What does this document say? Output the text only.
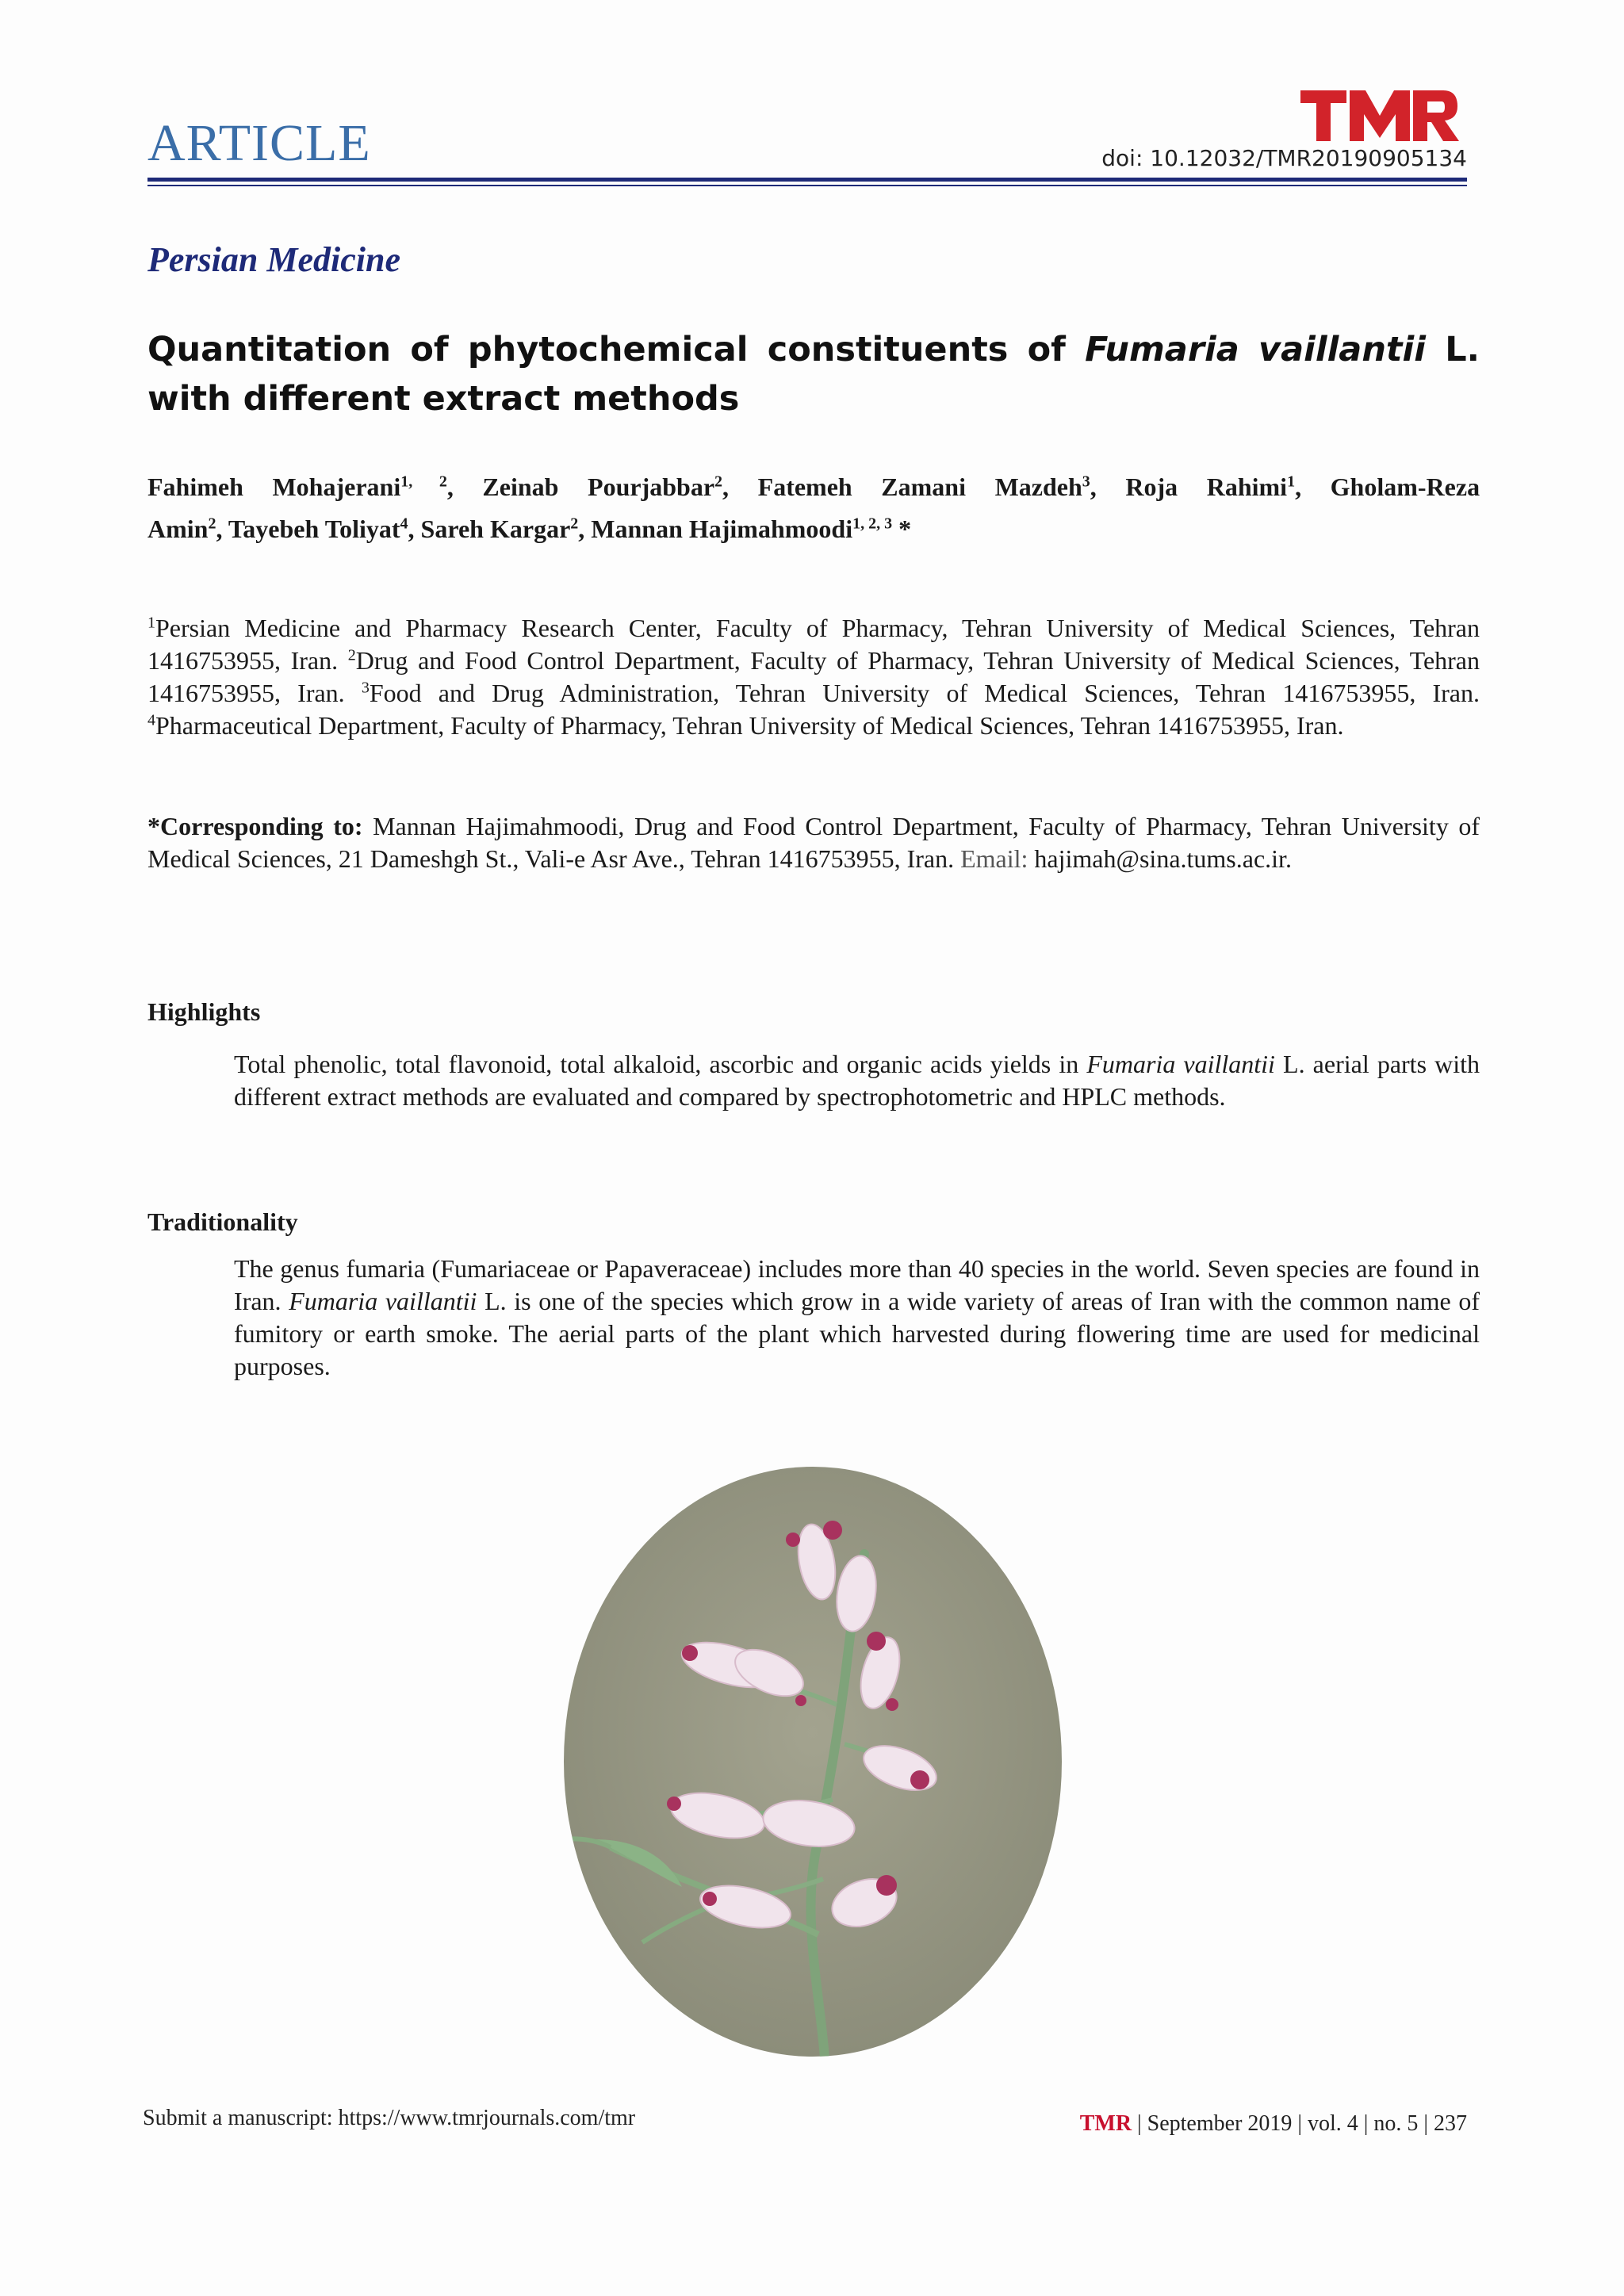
ARTICLE	doi: 10.12032/TMR20190905134
Persian Medicine
Quantitation of phytochemical constituents of Fumaria vaillantii L.
with different extract methods
Fahimeh Mohajerani$^{1, 2}$, Zeinab Pourjabbar$^2$, Fatemeh Zamani Mazdeh$^3$, Roja Rahimi$^1$, Gholam-Reza
Amin$^2$, Tayebeh Toliyat$^4$, Sareh Kargar$^2$, Mannan Hajimahmoodi$^{1, 2, 3}$ *
$^1$Persian Medicine and Pharmacy Research Center, Faculty of Pharmacy, Tehran University of Medical Sciences, Tehran 1416753955, Iran. $^2$Drug and Food Control Department, Faculty of Pharmacy, Tehran University of Medical Sciences, Tehran 1416753955, Iran. $^3$Food and Drug Administration, Tehran University of Medical Sciences, Tehran 1416753955, Iran. $^4$Pharmaceutical Department, Faculty of Pharmacy, Tehran University of Medical Sciences, Tehran 1416753955, Iran.
*Corresponding to: Mannan Hajimahmoodi, Drug and Food Control Department, Faculty of Pharmacy, Tehran University of Medical Sciences, 21 Dameshgh St., Vali-e Asr Ave., Tehran 1416753955, Iran. Email: hajimah@sina.tums.ac.ir.
Highlights
Total phenolic, total flavonoid, total alkaloid, ascorbic and organic acids yields in Fumaria vaillantii L. aerial parts with different extract methods are evaluated and compared by spectrophotometric and HPLC methods.
Traditionality
The genus fumaria (Fumariaceae or Papaveraceae) includes more than 40 species in the world. Seven species are found in Iran. Fumaria vaillantii L. is one of the species which grow in a wide variety of areas of Iran with the common name of fumitory or earth smoke. The aerial parts of the plant which harvested during flowering time are used for medicinal purposes.
Submit a manuscript: https://www.tmrjournals.com/tmr	TMR | September 2019 | vol. 4 | no. 5 | 237
